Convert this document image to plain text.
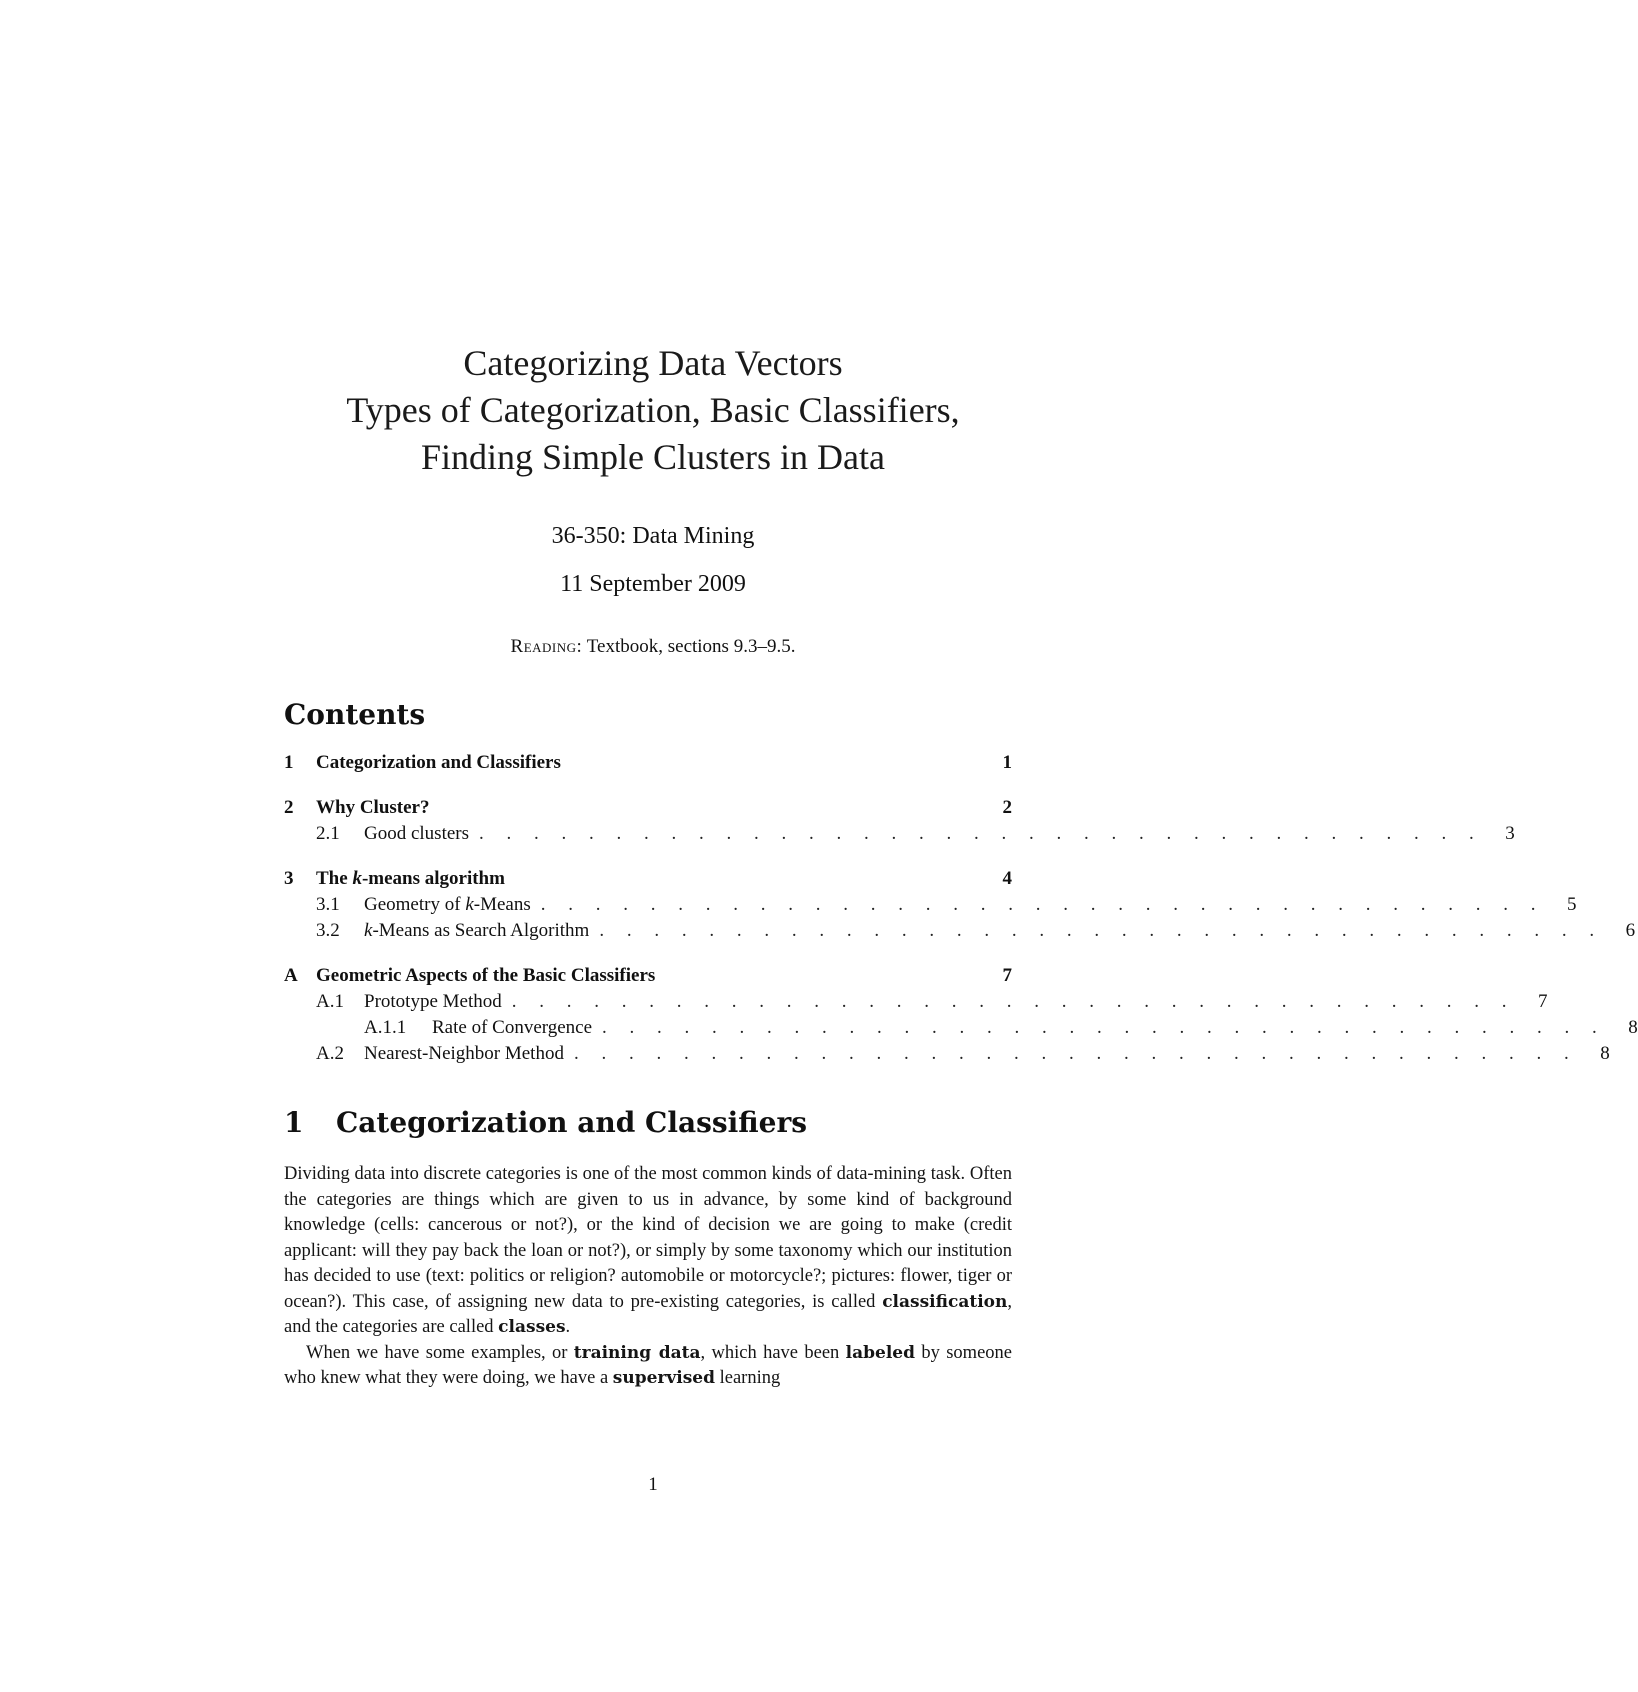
Categorizing Data Vectors
Types of Categorization, Basic Classifiers,
Finding Simple Clusters in Data
36-350: Data Mining
11 September 2009
Reading: Textbook, sections 9.3–9.5.
Contents
1	Categorization and Classifiers	1
2	Why Cluster?	2
2.1	Good clusters . . . . . . . . . . . . . . . . . . . . . . . . . . . . . . . . . . . . .	3
3	The k-means algorithm	4
3.1	Geometry of k-Means . . . . . . . . . . . . . . . . . . . . . . . . . . . . . . . . . . . . .	5
3.2	k-Means as Search Algorithm . . . . . . . . . . . . . . . . . . . . . . . . . . . . . . . . . . . . .	6
A Geometric Aspects of the Basic Classifiers	7
A.1	Prototype Method . . . . . . . . . . . . . . . . . . . . . . . . . . . . . . . . . . . . .	7
A.1.1	Rate of Convergence . . . . . . . . . . . . . . . . . . . . . . . . . . . . . . . . . . . . .	8
A.2	Nearest-Neighbor Method . . . . . . . . . . . . . . . . . . . . . . . . . . . . . . . . . . . . .	8
1 Categorization and Classifiers

Dividing data into discrete categories is one of the most common kinds of data-mining task. Often the categories are things which are given to us in advance, by some kind of background knowledge (cells: cancerous or not?), or the kind of decision we are going to make (credit applicant: will they pay back the loan or not?), or simply by some taxonomy which our institution has decided to use (text: politics or religion? automobile or motorcycle?; pictures: flower, tiger or ocean?). This case, of assigning new data to pre-existing categories, is called classification, and the categories are called classes.

When we have some examples, or training data, which have been labeled by someone who knew what they were doing, we have a supervised learning

1
